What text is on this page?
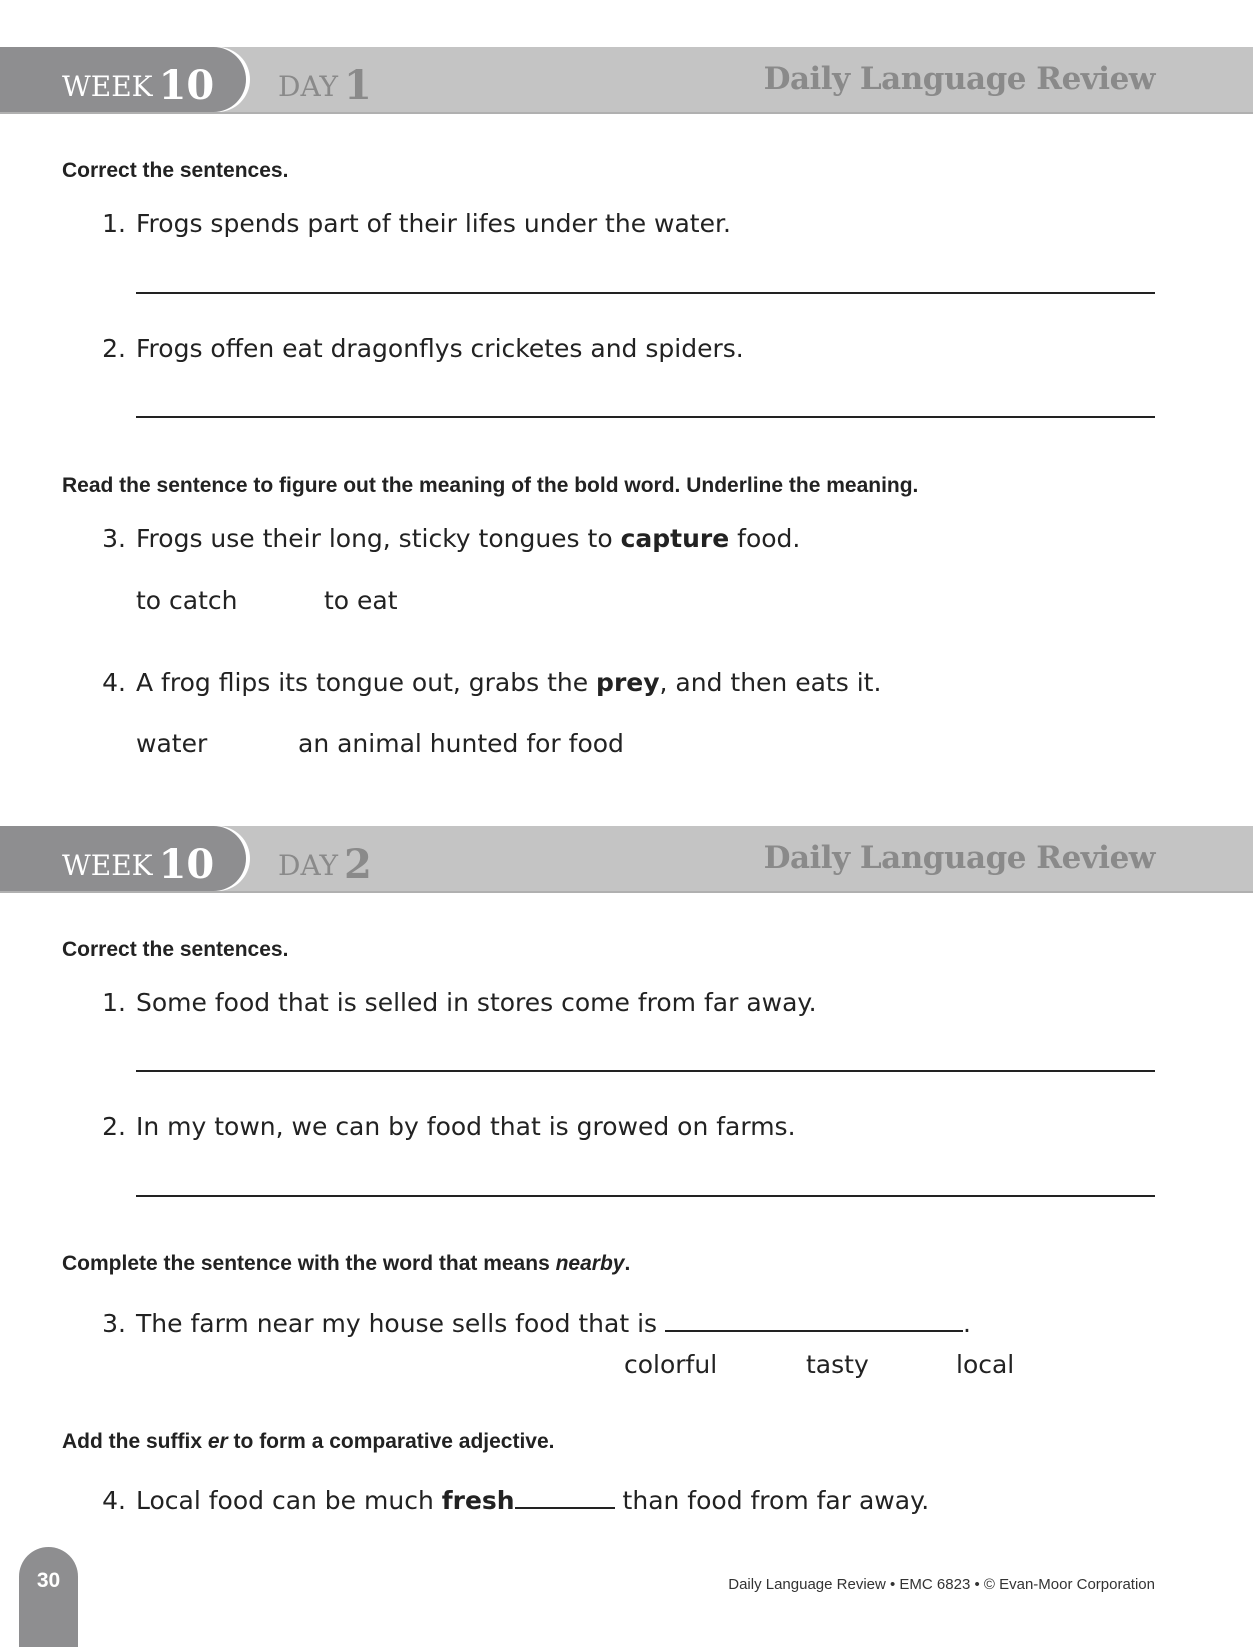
WEEK 10 DAY 1	Daily Language Review
Correct the sentences.
1. Frogs spends part of their lifes under the water.
2. Frogs offen eat dragonflys cricketes and spiders.
Read the sentence to figure out the meaning of the bold word. Underline the meaning.
3. Frogs use their long, sticky tongues to capture food.
to catch	to eat
4. A frog flips its tongue out, grabs the prey, and then eats it.
water	an animal hunted for food
WEEK 10 DAY 2	Daily Language Review
Correct the sentences.
1. Some food that is selled in stores come from far away.
2. In my town, we can by food that is growed on farms.
Complete the sentence with the word that means nearby.
3. The farm near my house sells food that is	.
colorful	tasty	local
Add the suffix er to form a comparative adjective.
4. Local food can be much fresh	than food from far away.
30	Daily Language Review • EMC 6823 • © Evan-Moor Corporation
